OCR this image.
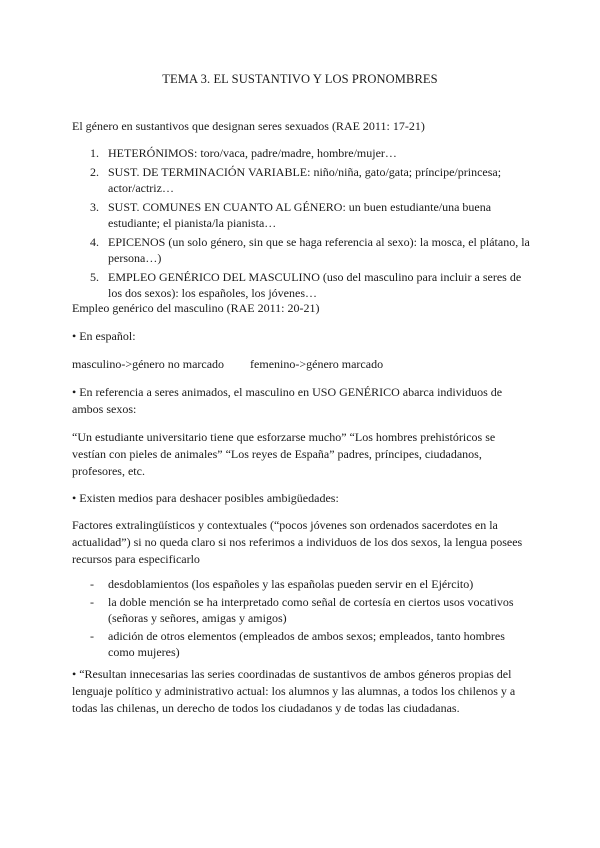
TEMA 3. EL SUSTANTIVO Y LOS PRONOMBRES
El género en sustantivos que designan seres sexuados (RAE 2011: 17-21)
1. HETERÓNIMOS: toro/vaca, padre/madre, hombre/mujer…
2. SUST. DE TERMINACIÓN VARIABLE: niño/niña, gato/gata; príncipe/princesa; actor/actriz…
3. SUST. COMUNES EN CUANTO AL GÉNERO: un buen estudiante/una buena estudiante; el pianista/la pianista…
4. EPICENOS (un solo género, sin que se haga referencia al sexo): la mosca, el plátano, la persona…)
5. EMPLEO GENÉRICO DEL MASCULINO (uso del masculino para incluir a seres de los dos sexos): los españoles, los jóvenes…
Empleo genérico del masculino (RAE 2011: 20-21)
• En español:
masculino->género no marcado femenino->género marcado
• En referencia a seres animados, el masculino en USO GENÉRICO abarca individuos de ambos sexos:
“Un estudiante universitario tiene que esforzarse mucho” “Los hombres prehistóricos se vestían con pieles de animales” “Los reyes de España” padres, príncipes, ciudadanos, profesores, etc.
• Existen medios para deshacer posibles ambigüedades:
Factores extralingüísticos y contextuales (“pocos jóvenes son ordenados sacerdotes en la actualidad”) si no queda claro si nos referimos a individuos de los dos sexos, la lengua posees recursos para especificarlo
- desdoblamientos (los españoles y las españolas pueden servir en el Ejército)
- la doble mención se ha interpretado como señal de cortesía en ciertos usos vocativos (señoras y señores, amigas y amigos)
- adición de otros elementos (empleados de ambos sexos; empleados, tanto hombres como mujeres)
• “Resultan innecesarias las series coordinadas de sustantivos de ambos géneros propias del lenguaje político y administrativo actual: los alumnos y las alumnas, a todos los chilenos y a todas las chilenas, un derecho de todos los ciudadanos y de todas las ciudadanas.
